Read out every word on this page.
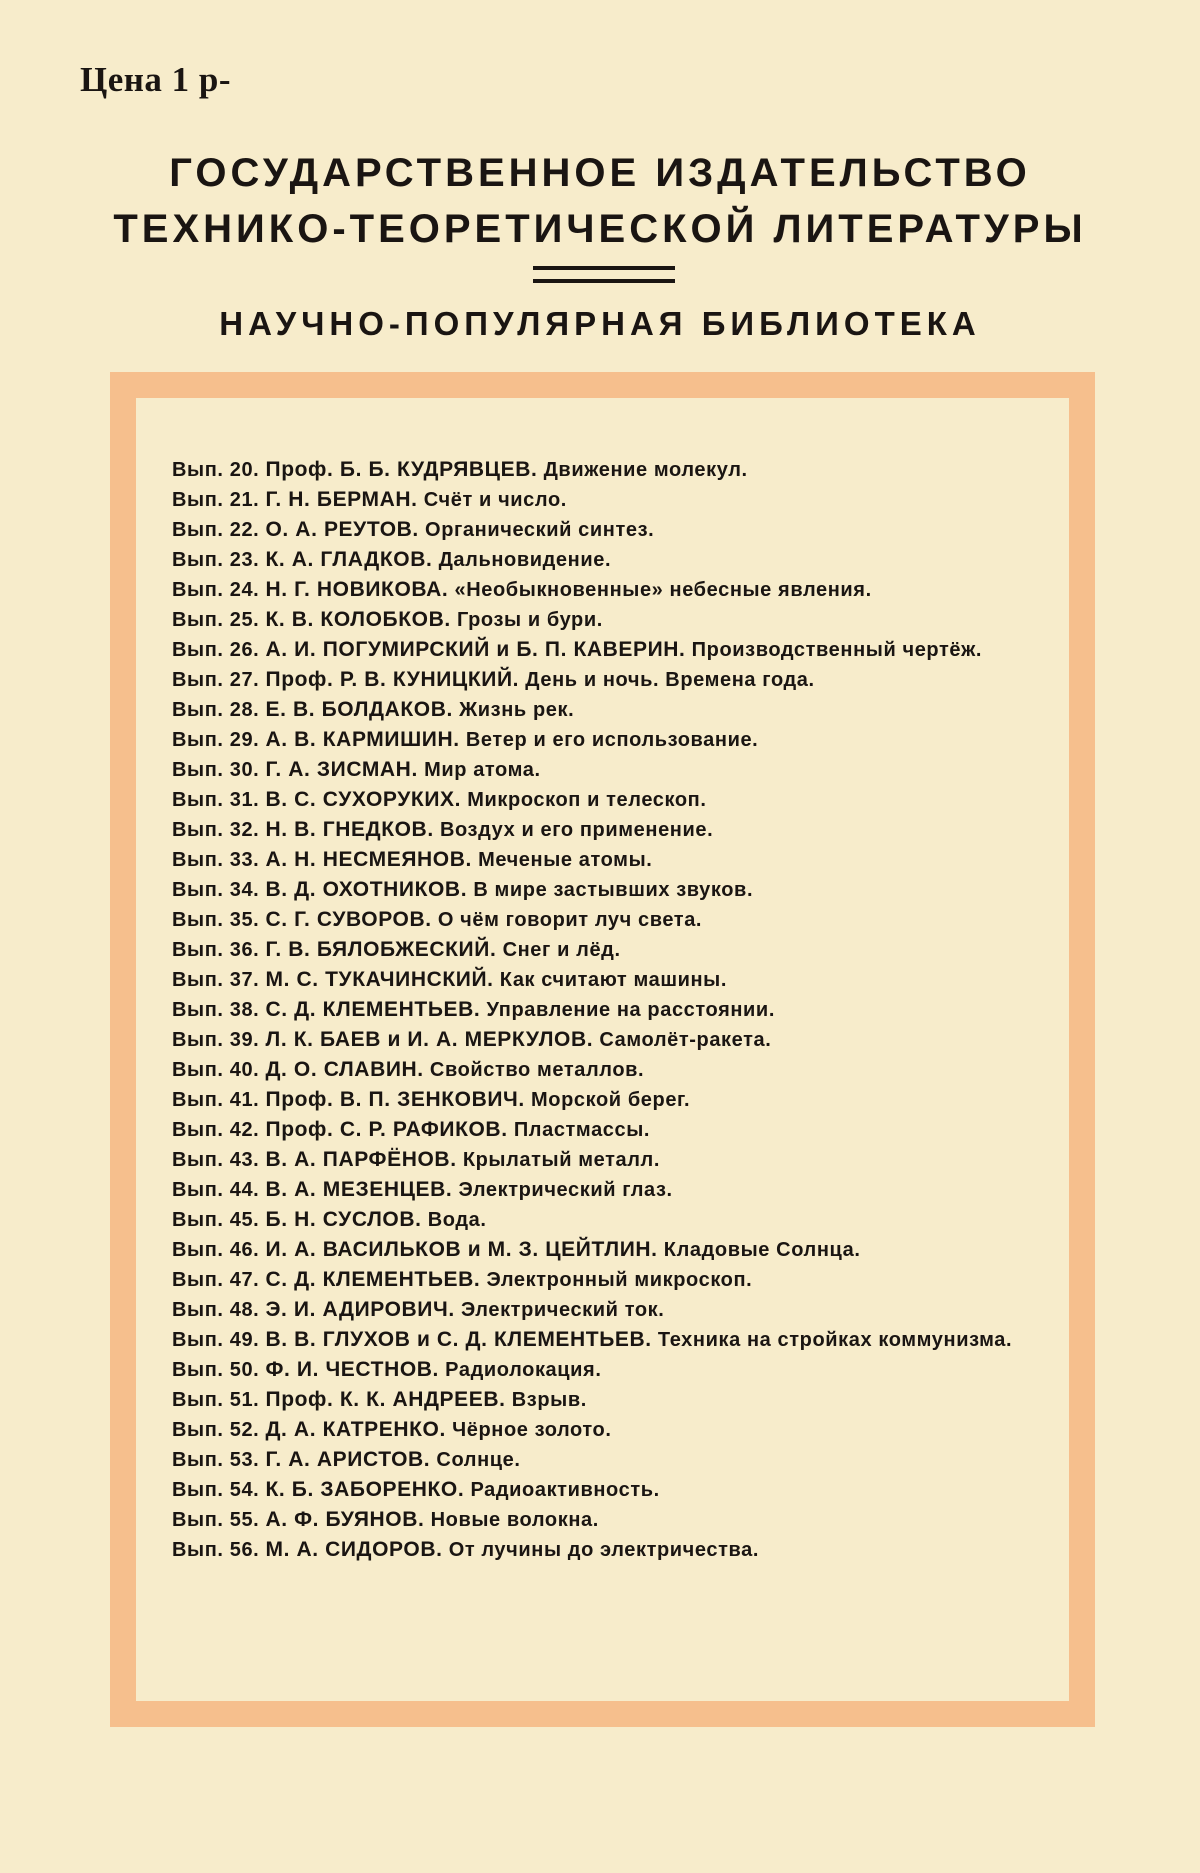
Цена 1 р-
ГОСУДАРСТВЕННОЕ ИЗДАТЕЛЬСТВО
ТЕХНИКО-ТЕОРЕТИЧЕСКОЙ ЛИТЕРАТУРЫ
НАУЧНО-ПОПУЛЯРНАЯ БИБЛИОТЕКА
Вып. 20. Проф. Б. Б. КУДРЯВЦЕВ. Движение молекул.
Вып. 21. Г. Н. БЕРМАН. Счёт и число.
Вып. 22. О. А. РЕУТОВ. Органический синтез.
Вып. 23. К. А. ГЛАДКОВ. Дальновидение.
Вып. 24. Н. Г. НОВИКОВА. «Необыкновенные» небесные явления.
Вып. 25. К. В. КОЛОБКОВ. Грозы и бури.
Вып. 26. А. И. ПОГУМИРСКИЙ и Б. П. КАВЕРИН. Производственный чертёж.
Вып. 27. Проф. Р. В. КУНИЦКИЙ. День и ночь. Времена года.
Вып. 28. Е. В. БОЛДАКОВ. Жизнь рек.
Вып. 29. А. В. КАРМИШИН. Ветер и его использование.
Вып. 30. Г. А. ЗИСМАН. Мир атома.
Вып. 31. В. С. СУХОРУКИХ. Микроскоп и телескоп.
Вып. 32. Н. В. ГНЕДКОВ. Воздух и его применение.
Вып. 33. А. Н. НЕСМЕЯНОВ. Меченые атомы.
Вып. 34. В. Д. ОХОТНИКОВ. В мире застывших звуков.
Вып. 35. С. Г. СУВОРОВ. О чём говорит луч света.
Вып. 36. Г. В. БЯЛОБЖЕСКИЙ. Снег и лёд.
Вып. 37. М. С. ТУКАЧИНСКИЙ. Как считают машины.
Вып. 38. С. Д. КЛЕМЕНТЬЕВ. Управление на расстоянии.
Вып. 39. Л. К. БАЕВ и И. А. МЕРКУЛОВ. Самолёт-ракета.
Вып. 40. Д. О. СЛАВИН. Свойство металлов.
Вып. 41. Проф. В. П. ЗЕНКОВИЧ. Морской берег.
Вып. 42. Проф. С. Р. РАФИКОВ. Пластмассы.
Вып. 43. В. А. ПАРФЁНОВ. Крылатый металл.
Вып. 44. В. А. МЕЗЕНЦЕВ. Электрический глаз.
Вып. 45. Б. Н. СУСЛОВ. Вода.
Вып. 46. И. А. ВАСИЛЬКОВ и М. З. ЦЕЙТЛИН. Кладовые Солнца.
Вып. 47. С. Д. КЛЕМЕНТЬЕВ. Электронный микроскоп.
Вып. 48. Э. И. АДИРОВИЧ. Электрический ток.
Вып. 49. В. В. ГЛУХОВ и С. Д. КЛЕМЕНТЬЕВ. Техника на стройках коммунизма.
Вып. 50. Ф. И. ЧЕСТНОВ. Радиолокация.
Вып. 51. Проф. К. К. АНДРЕЕВ. Взрыв.
Вып. 52. Д. А. КАТРЕНКО. Чёрное золото.
Вып. 53. Г. А. АРИСТОВ. Солнце.
Вып. 54. К. Б. ЗАБОРЕНКО. Радиоактивность.
Вып. 55. А. Ф. БУЯНОВ. Новые волокна.
Вып. 56. М. А. СИДОРОВ. От лучины до электричества.
